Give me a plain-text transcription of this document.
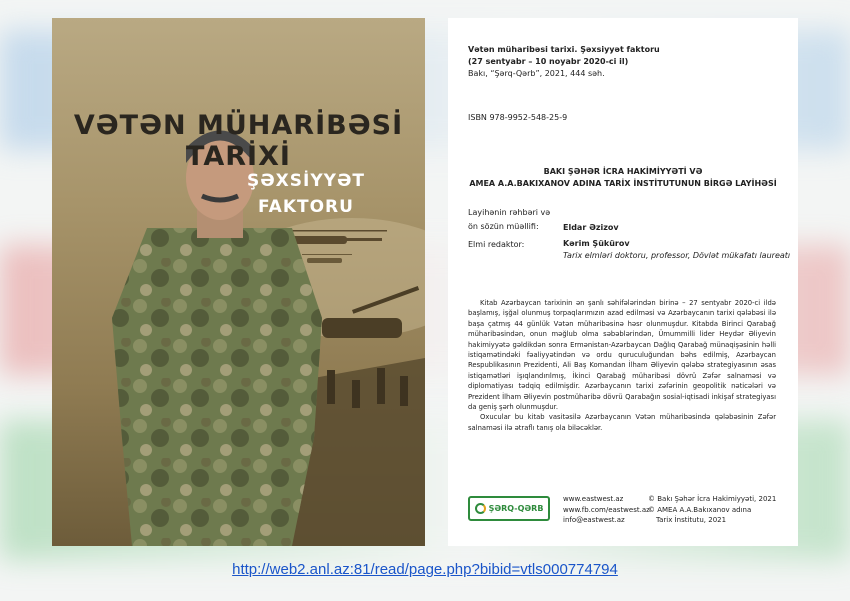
VƏTƏN MÜHARİBƏSİ TARİXİ
ŞƏXSİYYƏT
FAKTORU
Vətən müharibəsi tarixi. Şəxsiyyət faktoru
(27 sentyabr – 10 noyabr 2020-ci il)
Bakı, “Şərq-Qərb”, 2021, 444 səh.
ISBN 978-9952-548-25-9
BAKI ŞƏHƏR İCRA HAKİMİYYƏTİ VƏ
AMEA A.A.BAKIXANOV ADINA TARİX İNSTİTUTUNUN BİRGƏ LAYİHƏSİ
Layihənin rəhbəri və
ön sözün müəllifi:	Eldar Əzizov
Elmi redaktor:	Kərim Şükürov
Tarix elmləri doktoru, professor, Dövlət mükafatı laureatı

Kitab Azərbaycan tarixinin ən şanlı səhifələrindən birinə – 27 sentyabr 2020-ci ildə başlamış, işğal olunmuş torpaqlarımızın azad edilməsi və Azərbaycanın tarixi qələbəsi ilə başa çatmış 44 günlük Vətən müharibəsinə həsr olunmuşdur. Kitabda Birinci Qarabağ müharibəsindən, onun məğlub olma səbəblərindən, Ümummilli lider Heydər Əliyevin hakimiyyətə gəldikdən sonra Ermənistan-Azərbaycan Dağlıq Qarabağ münaqişəsinin həlli istiqamətindəki fəaliyyətindən və ordu quruculuğundan bəhs edilmiş, Azərbaycan Respublikasının Prezidenti, Ali Baş Komandan İlham Əliyevin qələbə strategiyasının əsas istiqamətləri işıqlandırılmış, İkinci Qarabağ müharibəsi dövrü Zəfər salnaməsi və diplomatiyası tədqiq edilmişdir. Azərbaycanın tarixi zəfərinin geopolitik nəticələri və Prezident İlham Əliyevin postmüharibə dövrü Qarabağın sosial-iqtisadi inkişaf strategiyası da geniş şərh olunmuşdur.

Oxucular bu kitab vasitəsilə Azərbaycanın Vətən müharibəsində qələbəsinin Zəfər salnaməsi ilə ətraflı tanış ola biləcəklər.

ŞƏRQ-QƏRB
www.eastwest.az
www.fb.com/eastwest.az
info@eastwest.az
© Bakı Şəhər İcra Hakimiyyəti, 2021
© AMEA A.A.Bakıxanov adına
Tarix İnstitutu, 2021
http://web2.anl.az:81/read/page.php?bibid=vtls000774794
